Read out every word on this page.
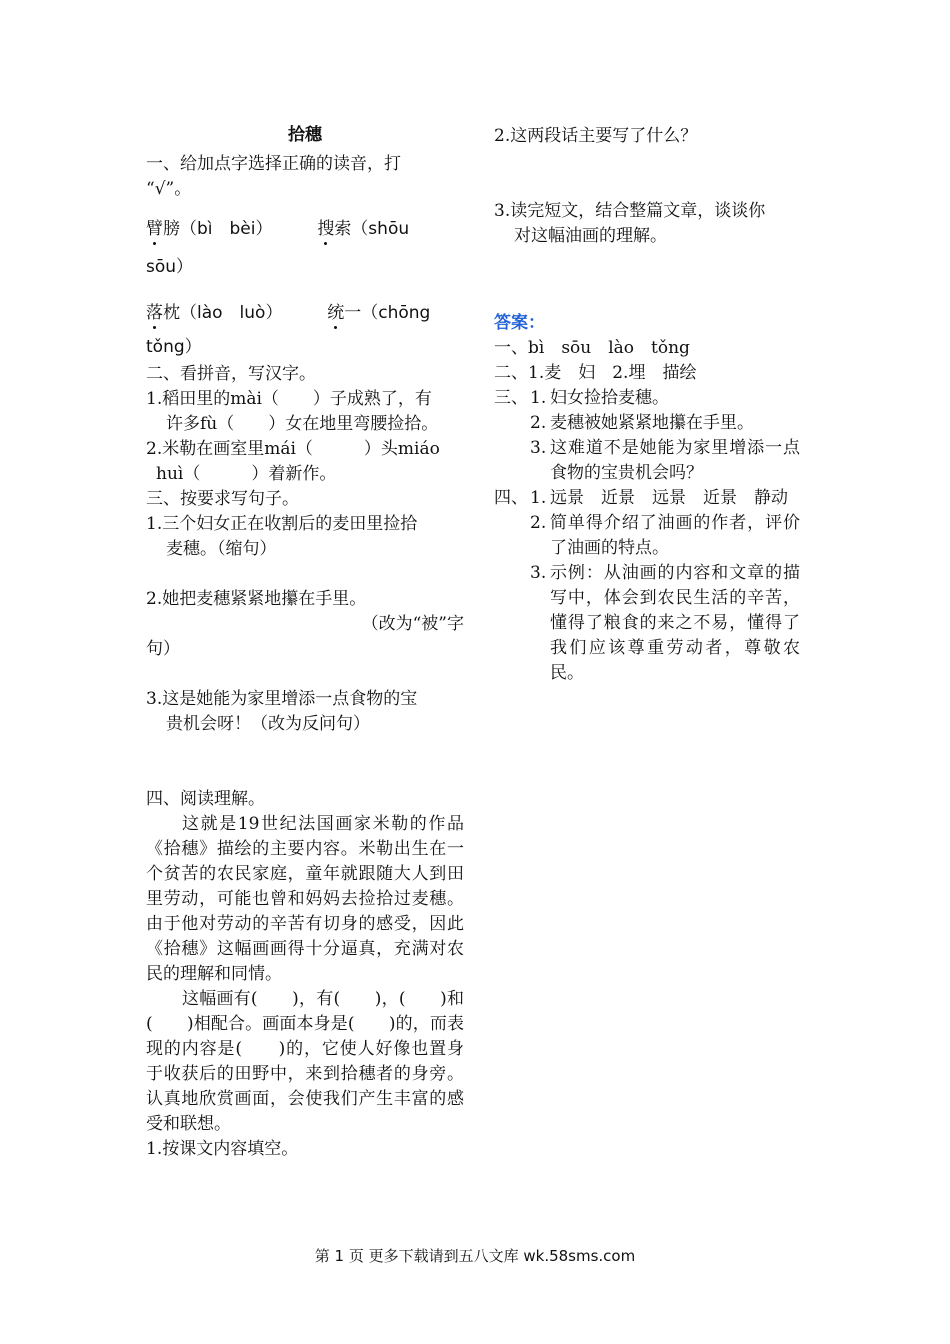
拾穗

一、给加点字选择正确的读音，打

“√”。

臂膀（bì　bèi）	搜索（shōu
sōu）
落枕（lào　luò）	统一（chōng
tǒng）

二、看拼音，写汉字。

1.稻田里的mài（　　）子成熟了，有

许多fù（　　）女在地里弯腰捡拾。

2.米勒在画室里mái（　　　）头miáo

huì（　　　）着新作。

三、按要求写句子。

1.三个妇女正在收割后的麦田里捡拾

麦穗。（缩句）

2.她把麦穗紧紧地攥在手里。

（改为“被”字

句）

3.这是她能为家里增添一点食物的宝

贵机会呀！（改为反问句）

四、阅读理解。

这就是19世纪法国画家米勒的作品《拾穗》描绘的主要内容。米勒出生在一个贫苦的农民家庭，童年就跟随大人到田里劳动，可能也曾和妈妈去捡拾过麦穗。由于他对劳动的辛苦有切身的感受，因此《拾穗》这幅画画得十分逼真，充满对农民的理解和同情。

这幅画有(　　)，有(　　)，(　　)和(　　)相配合。画面本身是(　　)的，而表现的内容是(　　)的，它使人好像也置身于收获后的田野中，来到拾穗者的身旁。认真地欣赏画面，会使我们产生丰富的感受和联想。

1.按课文内容填空。

2.这两段话主要写了什么？

3.读完短文，结合整篇文章，谈谈你

对这幅油画的理解。

答案：

一、bì　sōu　lào　tǒng

二、1.麦　妇　2.埋　描绘

三、 1. 妇女捡拾麦穗。
2. 麦穗被她紧紧地攥在手里。
3. 这难道不是她能为家里增添一点食物的宝贵机会吗？
四、 1. 远景　近景　远景　近景　静动
2. 简单得介绍了油画的作者，评价了油画的特点。
3. 示例：从油画的内容和文章的描写中，体会到农民生活的辛苦，懂得了粮食的来之不易，懂得了我们应该尊重劳动者，尊敬农民。
第 1 页 更多下载请到五八文库 wk.58sms.com
